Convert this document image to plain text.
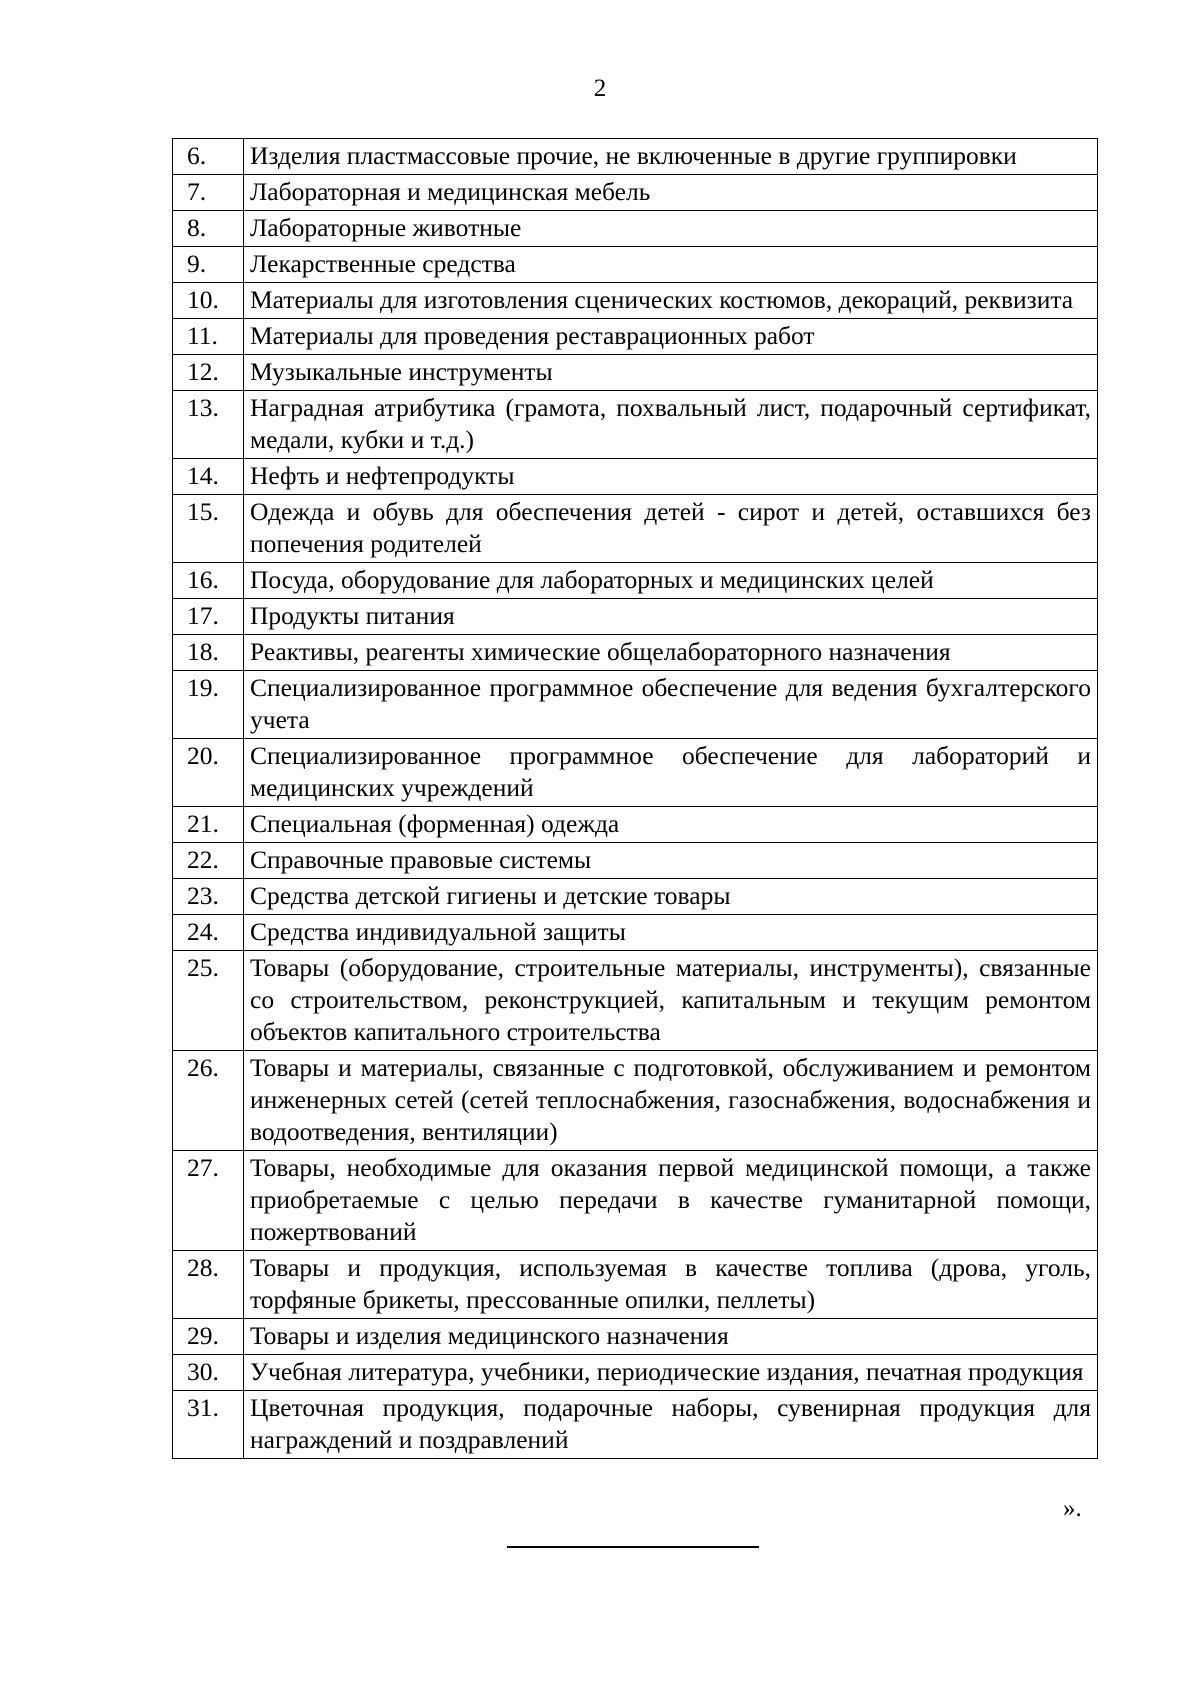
2
6.	Изделия пластмассовые прочие, не включенные в другие группировки
7.	Лабораторная и медицинская мебель
8.	Лабораторные животные
9.	Лекарственные средства
10.	Материалы для изготовления сценических костюмов, декораций, реквизита
11.	Материалы для проведения реставрационных работ
12.	Музыкальные инструменты
13.	Наградная атрибутика (грамота, похвальный лист, подарочный сертификат, медали, кубки и т.д.)
14.	Нефть и нефтепродукты
15.	Одежда и обувь для обеспечения детей - сирот и детей, оставшихся без попечения родителей
16.	Посуда, оборудование для лабораторных и медицинских целей
17.	Продукты питания
18.	Реактивы, реагенты химические общелабораторного назначения
19.	Специализированное программное обеспечение для ведения бухгалтерского учета
20.	Специализированное программное обеспечение для лабораторий и медицинских учреждений
21.	Специальная (форменная) одежда
22.	Справочные правовые системы
23.	Средства детской гигиены и детские товары
24.	Средства индивидуальной защиты
25.	Товары (оборудование, строительные материалы, инструменты), связанные со строительством, реконструкцией, капитальным и текущим ремонтом объектов капитального строительства
26.	Товары и материалы, связанные с подготовкой, обслуживанием и ремонтом инженерных сетей (сетей теплоснабжения, газоснабжения, водоснабжения и водоотведения, вентиляции)
27.	Товары, необходимые для оказания первой медицинской помощи, а также приобретаемые с целью передачи в качестве гуманитарной помощи, пожертвований
28.	Товары и продукция, используемая в качестве топлива (дрова, уголь, торфяные брикеты, прессованные опилки, пеллеты)
29.	Товары и изделия медицинского назначения
30.	Учебная литература, учебники, периодические издания, печатная продукция
31.	Цветочная продукция, подарочные наборы, сувенирная продукция для награждений и поздравлений
».
